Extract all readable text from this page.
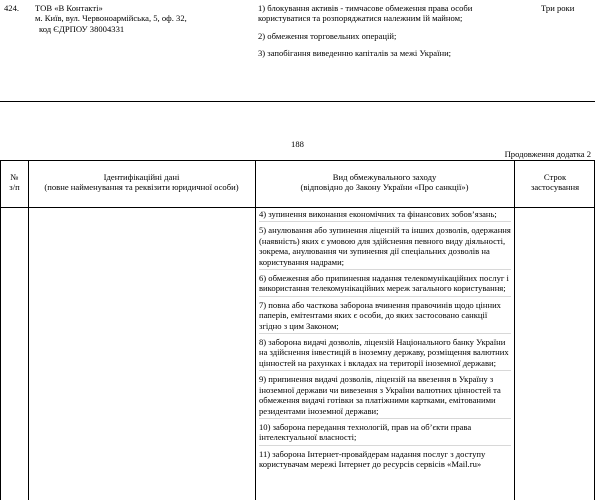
424. ТОВ «В Контакті»
м. Київ, вул. Червоноармійська, 5, оф. 32,
код ЄДРПОУ 38004331
1) блокування активів - тимчасове обмеження права особи користуватися та розпоряджатися належним їй майном;
2) обмеження торговельних операцій;
3) запобігання виведенню капіталів за межі України;
Три роки
188
Продовження додатка 2
№
з/п
Ідентифікаційні дані
(повне найменування та реквізити юридичної особи)
Вид обмежувального заходу
(відповідно до Закону України «Про санкції»)
Строк
застосування
4) зупинення виконання економічних та фінансових зобов’язань;
5) анулювання або зупинення ліцензій та інших дозволів, одержання (наявність) яких є умовою для здійснення певного виду діяльності, зокрема, анулювання чи зупинення дії спеціальних дозволів на користування надрами;
6) обмеження або припинення надання телекомунікаційних послуг і використання телекомунікаційних мереж загального користування;
7) повна або часткова заборона вчинення правочинів щодо цінних паперів, емітентами яких є особи, до яких застосовано санкції згідно з цим Законом;
8) заборона видачі дозволів, ліцензій Національного банку України на здійснення інвестицій в іноземну державу, розміщення валютних цінностей на рахунках і вкладах на території іноземної держави;
9) припинення видачі дозволів, ліцензій на ввезення в Україну з іноземної держави чи вивезення з України валютних цінностей та обмеження видачі готівки за платіжними картками, емітованими резидентами іноземної держави;
10) заборона передання технологій, прав на об’єкти права інтелектуальної власності;
11) заборона Інтернет-провайдерам надання послуг з доступу користувачам мережі Інтернет до ресурсів сервісів «Mail.ru»
